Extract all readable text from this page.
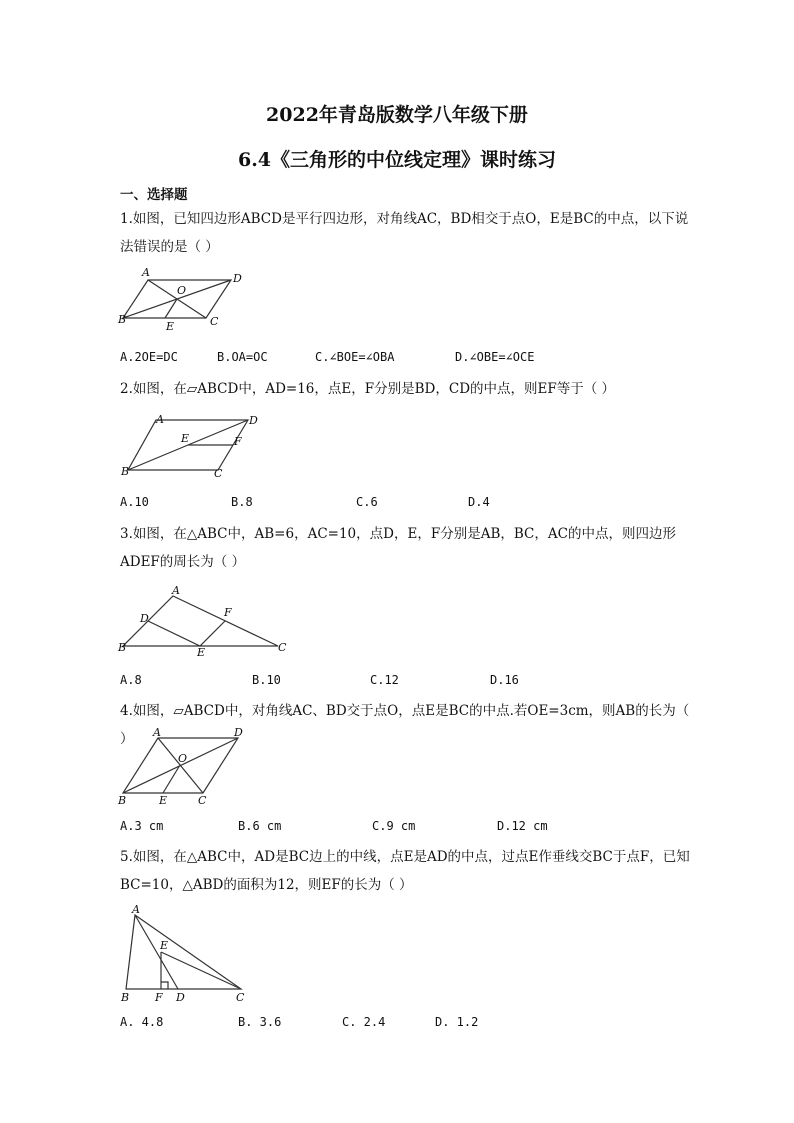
2022年青岛版数学八年级下册
6.4《三角形的中位线定理》课时练习
一、选择题
1.如图，已知四边形ABCD是平行四边形，对角线AC，BD相交于点O，E是BC的中点，以下说法错误的是（ ）
A	D
O
B
E	C
A.2OE=DC	B.OA=OC	C.∠BOE=∠OBA	D.∠OBE=∠OCE
2.如图，在▱ABCD中，AD=16，点E，F分别是BD，CD的中点，则EF等于（ ）
A	D
E	F
B	C
A.10	B.8	C.6	D.4
3.如图，在△ABC中，AB=6，AC=10，点D，E，F分别是AB，BC，AC的中点，则四边形ADEF的周长为（ ）
A
D	F
B	E	C
A.8	B.10	C.12	D.16
4.如图，▱ABCD中，对角线AC、BD交于点O，点E是BC的中点.若OE=3cm，则AB的长为（ ）	A	D
O
B	E	C
A.3 cm	B.6 cm	C.9 cm	D.12 cm
5.如图，在△ABC中，AD是BC边上的中线，点E是AD的中点，过点E作垂线交BC于点F，已知BC=10，△ABD的面积为12，则EF的长为（ ）
A
E
B F D	C
A. 4.8	B. 3.6	C. 2.4	D. 1.2
